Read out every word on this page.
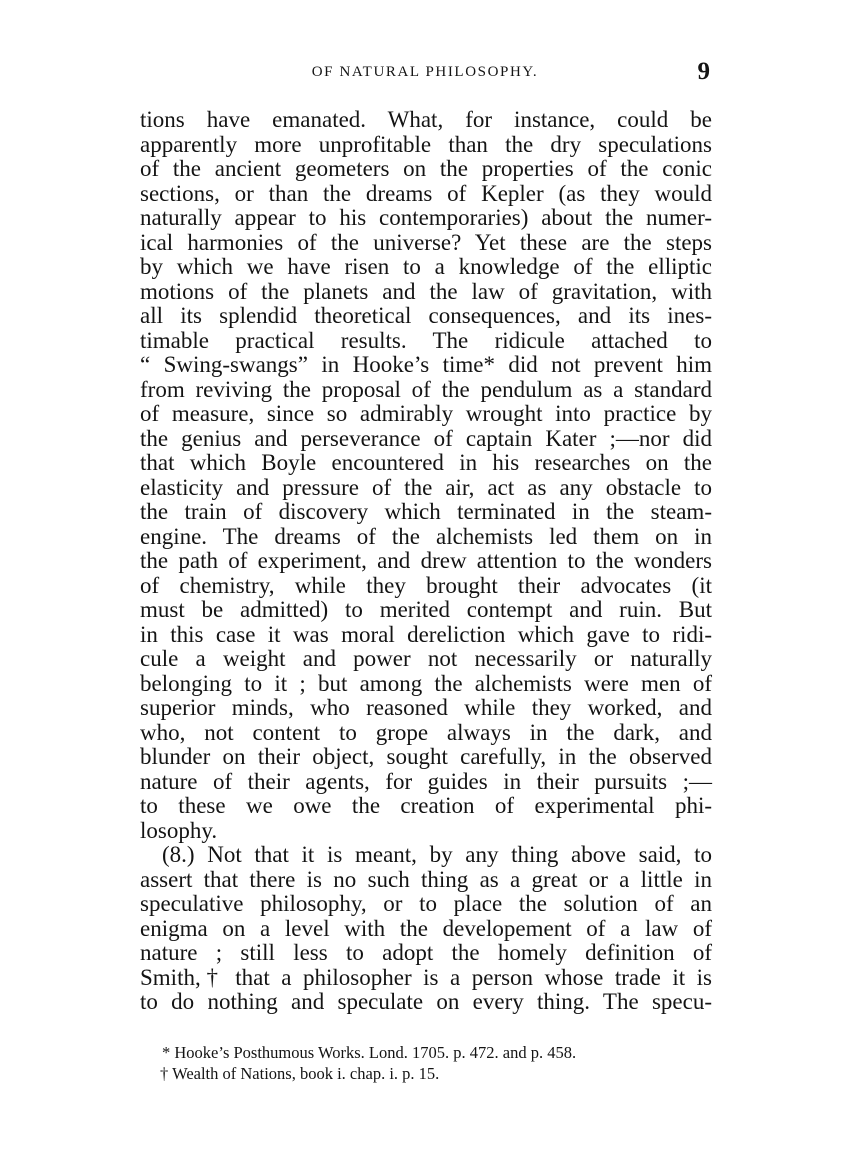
OF NATURAL PHILOSOPHY.	9
tions have emanated. What, for instance, could be
apparently more unprofitable than the dry speculations
of the ancient geometers on the properties of the conic
sections, or than the dreams of Kepler (as they would
naturally appear to his contemporaries) about the numer-
ical harmonies of the universe? Yet these are the steps
by which we have risen to a knowledge of the elliptic
motions of the planets and the law of gravitation, with
all its splendid theoretical consequences, and its ines-
timable practical results. The ridicule attached to
“ Swing-swangs” in Hooke’s time* did not prevent him
from reviving the proposal of the pendulum as a standard
of measure, since so admirably wrought into practice by
the genius and perseverance of captain Kater ;—nor did
that which Boyle encountered in his researches on the
elasticity and pressure of the air, act as any obstacle to
the train of discovery which terminated in the steam-
engine. The dreams of the alchemists led them on in
the path of experiment, and drew attention to the wonders
of chemistry, while they brought their advocates (it
must be admitted) to merited contempt and ruin. But
in this case it was moral dereliction which gave to ridi-
cule a weight and power not necessarily or naturally
belonging to it ; but among the alchemists were men of
superior minds, who reasoned while they worked, and
who, not content to grope always in the dark, and
blunder on their object, sought carefully, in the observed
nature of their agents, for guides in their pursuits ;—
to these we owe the creation of experimental phi-
losophy.
(8.) Not that it is meant, by any thing above said, to
assert that there is no such thing as a great or a little in
speculative philosophy, or to place the solution of an
enigma on a level with the developement of a law of
nature ; still less to adopt the homely definition of
Smith,† that a philosopher is a person whose trade it is
to do nothing and speculate on every thing. The specu-
* Hooke’s Posthumous Works. Lond. 1705. p. 472. and p. 458.
† Wealth of Nations, book i. chap. i. p. 15.
